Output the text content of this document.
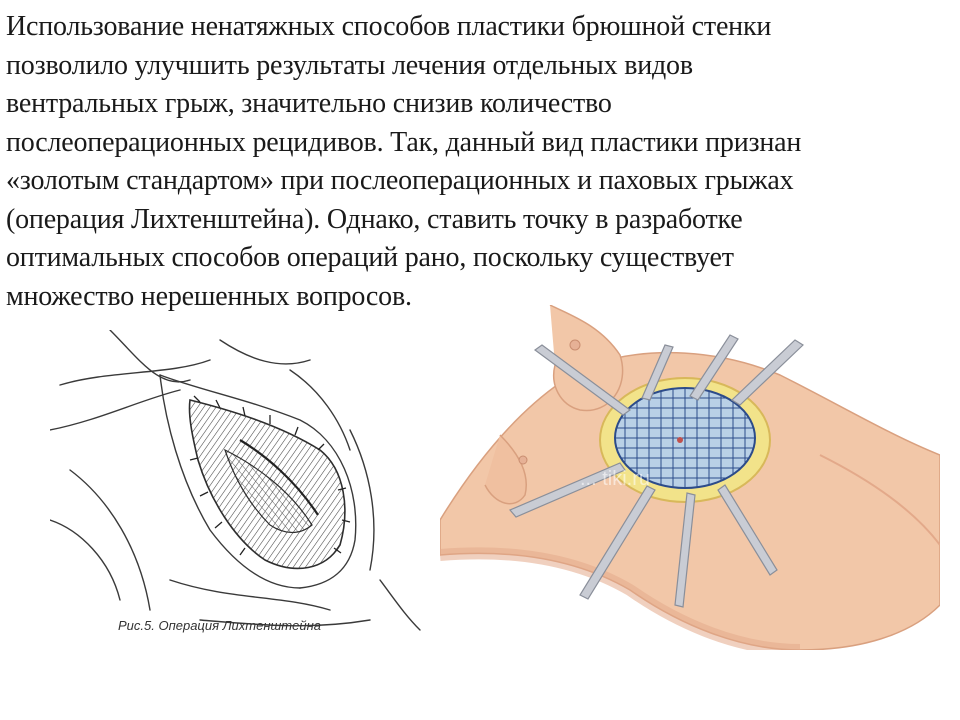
Использование ненатяжных способов пластики брюшной стенки
позволило улучшить результаты лечения отдельных видов
вентральных грыж, значительно снизив количество
послеоперационных рецидивов. Так, данный вид пластики признан
«золотым стандартом» при послеоперационных и паховых грыжах
(операция Лихтенштейна). Однако, ставить точку в разработке
оптимальных способов операций рано, поскольку существует
множество нерешенных вопросов.
Рис.5. Операция Лихтенштейна
... tiki.ru
